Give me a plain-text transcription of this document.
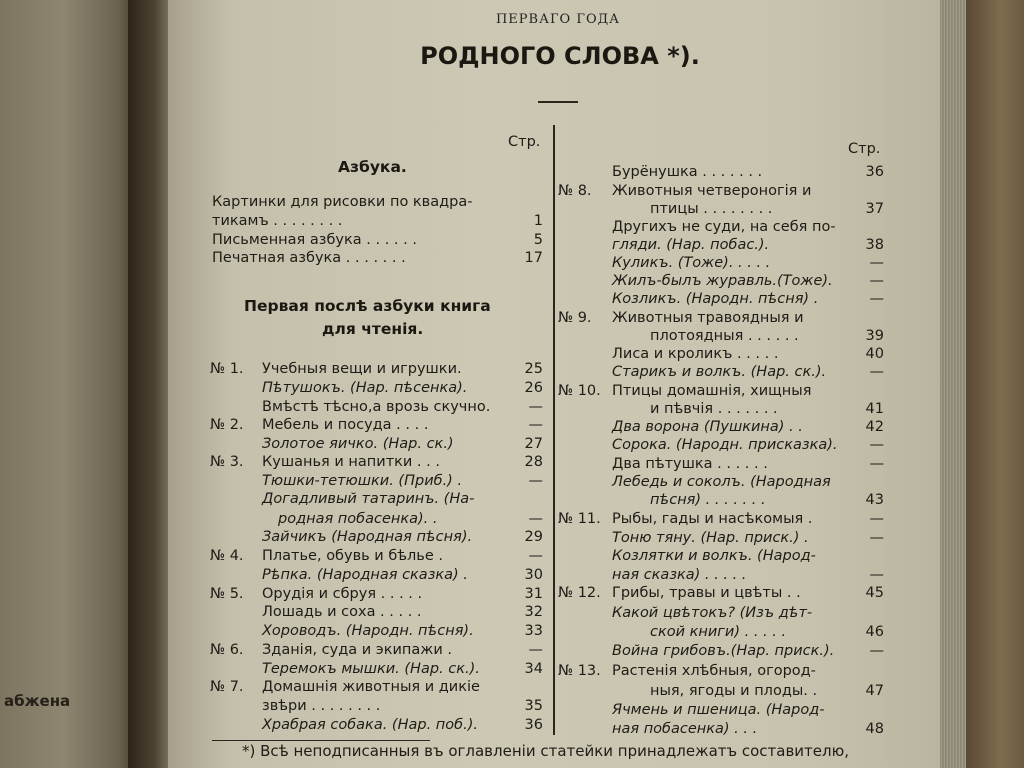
абжена
ПЕРВАГО ГОДА
РОДНОГО СЛОВА *).
Стр.	Стр.
Азбука.
Первая послѣ азбуки книга
для чтенія.
Картинки для рисовки по квадра-
тикамъ . . . . . . . .	1
Письменная азбука . . . . . .	5
Печатная азбука . . . . . . .	17
№ 1. Учебныя вещи и игрушки.	25
Пѣтушокъ. (Нар. пѣсенка).	26
Вмѣстѣ тѣсно,а врозь скучно.	—
№ 2. Мебель и посуда . . . .	—
Золотое яичко. (Нар. ск.)	27
№ 3. Кушанья и напитки . . .	28
Тюшки-тетюшки. (Приб.) .	—
Догадливый татаринъ. (На-
родная побасенка). .	—
Зайчикъ (Народная пѣсня).	29
№ 4. Платье, обувь и бѣлье .	—
Рѣпка. (Народная сказка) .	30
№ 5. Орудія и сбруя . . . . .	31
Лошадь и соха . . . . .	32
Хороводъ. (Народн. пѣсня).	33
№ 6. Зданія, суда и экипажи .	—
Теремокъ мышки. (Нар. ск.).	34
№ 7. Домашнія животныя и дикіе
звѣри . . . . . . . .	35
Храбрая собака. (Нар. поб.).	36
Бурёнушка . . . . . . .	36
№ 8. Животныя четвероногія и
птицы . . . . . . . .	37
Другихъ не суди, на себя по-
гляди. (Нар. побас.).	38
Куликъ. (Тоже). . . . .	—
Жилъ-былъ журавль.(Тоже).	—
Козликъ. (Народн. пѣсня) .	—
№ 9. Животныя травоядныя и
плотоядныя . . . . . .	39
Лиса и кроликъ . . . . .	40
Старикъ и волкъ. (Нар. ск.).	—
№ 10. Птицы домашнія, хищныя
и пѣвчія . . . . . . .	41
Два ворона (Пушкина) . .	42
Сорока. (Народн. присказка).	—
Два пѣтушка . . . . . .	—
Лебедь и соколъ. (Народная
пѣсня) . . . . . . .	43
№ 11. Рыбы, гады и насѣкомыя .	—
Тоню тяну. (Нар. приск.) .	—
Козлятки и волкъ. (Народ-
ная сказка) . . . . .	—
№ 12. Грибы, травы и цвѣты . .	45
Какой цвѣтокъ? (Изъ дѣт-
ской книги) . . . . .	46
Война грибовъ.(Нар. приск.).	—
№ 13. Растенія хлѣбныя, огород-
ныя, ягоды и плоды. .	47
Ячмень и пшеница. (Народ-
ная побасенка) . . .	48
*) Всѣ неподписанныя въ оглавленіи статейки принадлежатъ составителю,
